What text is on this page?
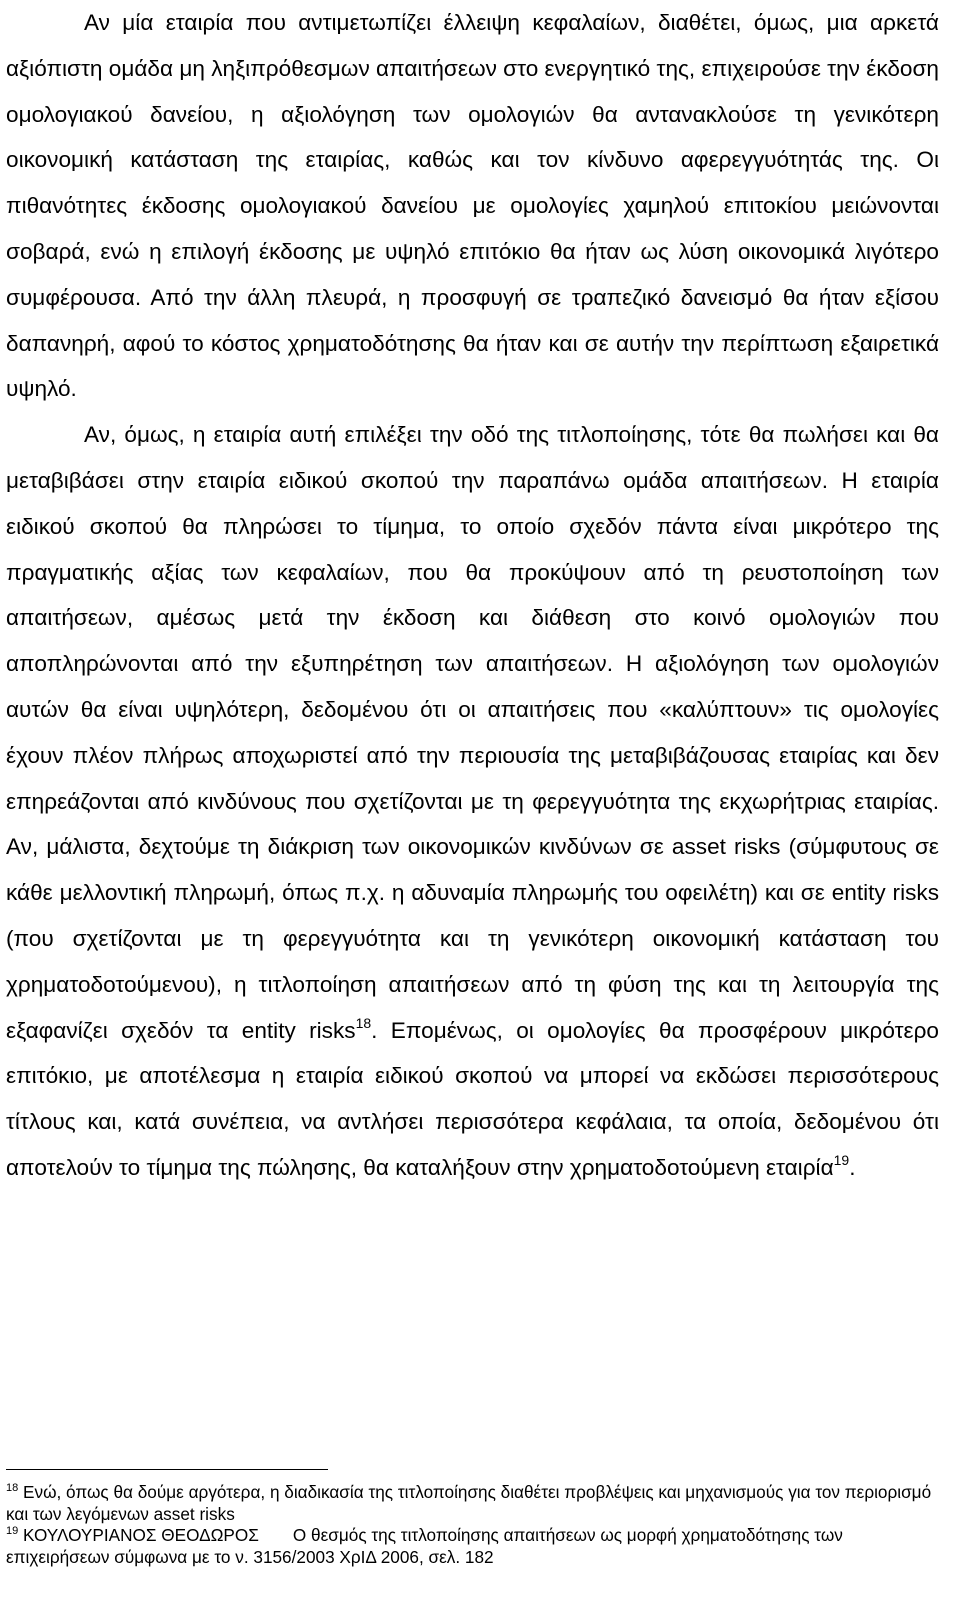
Αν μία εταιρία που αντιμετωπίζει έλλειψη κεφαλαίων, διαθέτει, όμως, μια αρκετά αξιόπιστη ομάδα μη ληξιπρόθεσμων απαιτήσεων στο ενεργητικό της, επιχειρούσε την έκδοση ομολογιακού δανείου, η αξιολόγηση των ομολογιών θα αντανακλούσε τη γενικότερη οικονομική κατάσταση της εταιρίας, καθώς και τον κίνδυνο αφερεγγυότητάς της. Οι πιθανότητες έκδοσης ομολογιακού δανείου με ομολογίες χαμηλού επιτοκίου μειώνονται σοβαρά, ενώ η επιλογή έκδοσης με υψηλό επιτόκιο θα ήταν ως λύση οικονομικά λιγότερο συμφέρουσα. Από την άλλη πλευρά, η προσφυγή σε τραπεζικό δανεισμό θα ήταν εξίσου δαπανηρή, αφού το κόστος χρηματοδότησης θα ήταν και σε αυτήν την περίπτωση εξαιρετικά υψηλό.

Αν, όμως, η εταιρία αυτή επιλέξει την οδό της τιτλοποίησης, τότε θα πωλήσει και θα μεταβιβάσει στην εταιρία ειδικού σκοπού την παραπάνω ομάδα απαιτήσεων. Η εταιρία ειδικού σκοπού θα πληρώσει το τίμημα, το οποίο σχεδόν πάντα είναι μικρότερο της πραγματικής αξίας των κεφαλαίων, που θα προκύψουν από τη ρευστοποίηση των απαιτήσεων, αμέσως μετά την έκδοση και διάθεση στο κοινό ομολογιών που αποπληρώνονται από την εξυπηρέτηση των απαιτήσεων. Η αξιολόγηση των ομολογιών αυτών θα είναι υψηλότερη, δεδομένου ότι οι απαιτήσεις που «καλύπτουν» τις ομολογίες έχουν πλέον πλήρως αποχωριστεί από την περιουσία της μεταβιβάζουσας εταιρίας και δεν επηρεάζονται από κινδύνους που σχετίζονται με τη φερεγγυότητα της εκχωρήτριας εταιρίας. Αν, μάλιστα, δεχτούμε τη διάκριση των οικονομικών κινδύνων σε asset risks (σύμφυτους σε κάθε μελλοντική πληρωμή, όπως π.χ. η αδυναμία πληρωμής του οφειλέτη) και σε entity risks (που σχετίζονται με τη φερεγγυότητα και τη γενικότερη οικονομική κατάσταση του χρηματοδοτούμενου), η τιτλοποίηση απαιτήσεων από τη φύση της και τη λειτουργία της εξαφανίζει σχεδόν τα entity risks$^{18}$. Επομένως, οι ομολογίες θα προσφέρουν μικρότερο επιτόκιο, με αποτέλεσμα η εταιρία ειδικού σκοπού να μπορεί να εκδώσει περισσότερους τίτλους και, κατά συνέπεια, να αντλήσει περισσότερα κεφάλαια, τα οποία, δεδομένου ότι αποτελούν το τίμημα της πώλησης, θα καταλήξουν στην χρηματοδοτούμενη εταιρία$^{19}$.

$^{18}$ Ενώ, όπως θα δούμε αργότερα, η διαδικασία της τιτλοποίησης διαθέτει προβλέψεις και μηχανισμούς για τον περιορισμό και των λεγόμενων asset risks

$^{19}$ ΚΟΥΛΟΥΡΙΑΝΟΣ ΘΕΟΔΩΡΟΣ Ο θεσμός της τιτλοποίησης απαιτήσεων ως μορφή χρηματοδότησης των επιχειρήσεων σύμφωνα με το ν. 3156/2003 ΧρΙΔ 2006, σελ. 182
